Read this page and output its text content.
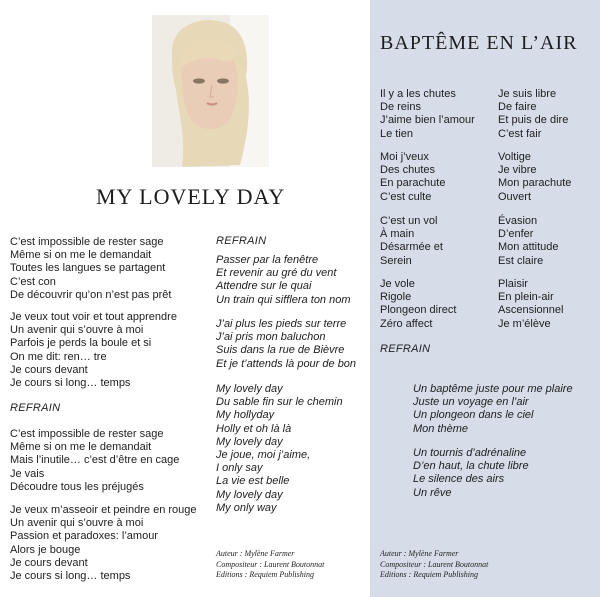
MY LOVELY DAY
C’est impossible de rester sage
Même si on me le demandait
Toutes les langues se partagent
C’est con
De découvrir qu’on n’est pas prêt
Je veux tout voir et tout apprendre
Un avenir qui s’ouvre à moi
Parfois je perds la boule et si
On me dit: ren… tre
Je cours devant
Je cours si long… temps
REFRAIN
C’est impossible de rester sage
Même si on me le demandait
Mais l’inutile… c’est d’être en cage
Je vais
Découdre tous les préjugés
Je veux m’asseoir et peindre en rouge
Un avenir qui s’ouvre à moi
Passion et paradoxes: l’amour
Alors je bouge
Je cours devant
Je cours si long… temps
REFRAIN
Passer par la fenêtre
Et revenir au gré du vent
Attendre sur le quai
Un train qui sifflera ton nom
J’ai plus les pieds sur terre
J’ai pris mon baluchon
Suis dans la rue de Bièvre
Et je t’attends là pour de bon
My lovely day
Du sable fin sur le chemin
My hollyday
Holly et oh là là
My lovely day
Je joue, moi j’aime,
I only say
La vie est belle
My lovely day
My only way
Auteur : Mylène Farmer
Compositeur : Laurent Boutonnat
Editions : Requiem Publishing
BAPTÊME EN L’AIR
Il y a les chutes
De reins
J’aime bien l’amour
Le tien
Je suis libre
De faire
Et puis de dire
C’est fair
Moi j’veux
Des chutes
En parachute
C’est culte
Voltige
Je vibre
Mon parachute
Ouvert
C’est un vol
À main
Désarmée et
Serein
Évasion
D’enfer
Mon attitude
Est claire
Je vole
Rigole
Plongeon direct
Zéro affect
Plaisir
En plein-air
Ascensionnel
Je m’élève
REFRAIN
Un baptême juste pour me plaire
Juste un voyage en l’air
Un plongeon dans le ciel
Mon thème
Un tournis d’adrénaline
D’en haut, la chute libre
Le silence des airs
Un rêve
Auteur : Mylène Farmer
Compositeur : Laurent Boutonnat
Editions : Requiem Publishing
